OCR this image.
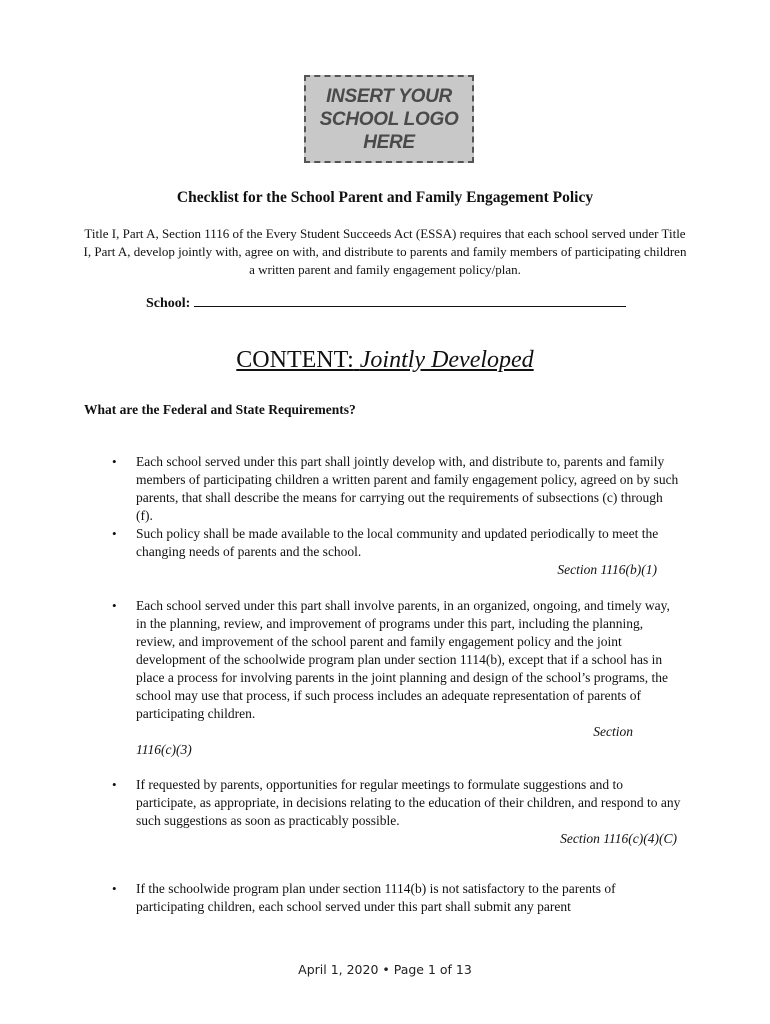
INSERT YOUR
SCHOOL LOGO
HERE
Checklist for the School Parent and Family Engagement Policy
Title I, Part A, Section 1116 of the Every Student Succeeds Act (ESSA) requires that each school served under Title I, Part A, develop jointly with, agree on with, and distribute to parents and family members of participating children a written parent and family engagement policy/plan.
School:
CONTENT: Jointly Developed
What are the Federal and State Requirements?
• Each school served under this part shall jointly develop with, and distribute to, parents and family members of participating children a written parent and family engagement policy, agreed on by such parents, that shall describe the means for carrying out the requirements of subsections (c) through (f).
• Such policy shall be made available to the local community and updated periodically to meet the changing needs of parents and the school.
Section 1116(b)(1)
• Each school served under this part shall involve parents, in an organized, ongoing, and timely way, in the planning, review, and improvement of programs under this part, including the planning, review, and improvement of the school parent and family engagement policy and the joint development of the schoolwide program plan under section 1114(b), except that if a school has in place a process for involving parents in the joint planning and design of the school’s programs, the school may use that process, if such process includes an adequate representation of parents of participating children.
Section
1116(c)(3)
• If requested by parents, opportunities for regular meetings to formulate suggestions and to participate, as appropriate, in decisions relating to the education of their children, and respond to any such suggestions as soon as practicably possible.
Section 1116(c)(4)(C)
• If the schoolwide program plan under section 1114(b) is not satisfactory to the parents of participating children, each school served under this part shall submit any parent
April 1, 2020 • Page 1 of 13
